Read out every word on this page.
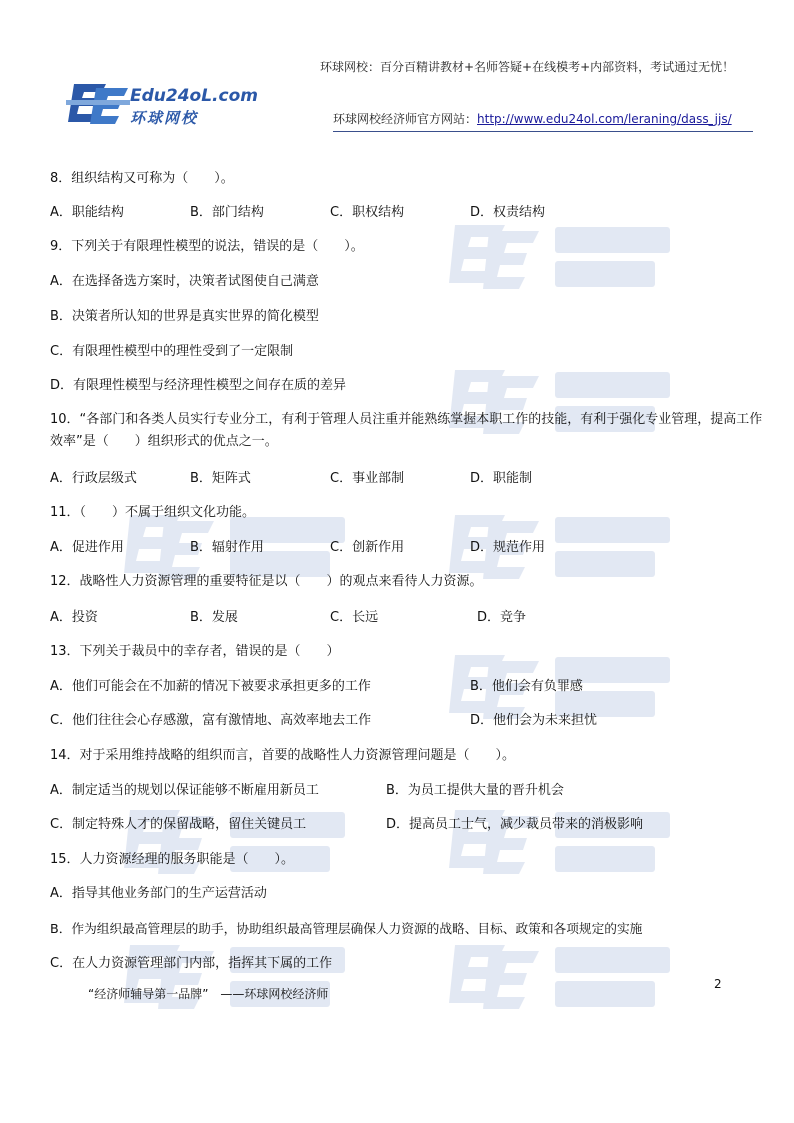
Edu24oL.com
环球网校
环球网校：百分百精讲教材+名师答疑+在线模考+内部资料，考试通过无忧！
环球网校经济师官方网站：http://www.edu24ol.com/leraning/dass_jjs/
8．组织结构又可称为（　　）。
A．职能结构	B．部门结构	C．职权结构	D．权责结构
9．下列关于有限理性模型的说法，错误的是（　　）。
A．在选择备选方案时，决策者试图使自己满意
B．决策者所认知的世界是真实世界的简化模型
C．有限理性模型中的理性受到了一定限制
D．有限理性模型与经济理性模型之间存在质的差异
10．“各部门和各类人员实行专业分工，有利于管理人员注重并能熟练掌握本职工作的技能，有利于强化专业管理，提高工作效率”是（　　）组织形式的优点之一。
A．行政层级式	B．矩阵式	C．事业部制	D．职能制
11．（　　）不属于组织文化功能。
A．促进作用	B．辐射作用	C．创新作用	D．规范作用
12．战略性人力资源管理的重要特征是以（　　）的观点来看待人力资源。
A．投资	B．发展	C．长远	D．竞争
13．下列关于裁员中的幸存者，错误的是（　　）
A．他们可能会在不加薪的情况下被要求承担更多的工作	B．他们会有负罪感
C．他们往往会心存感激，富有激情地、高效率地去工作	D．他们会为未来担忧
14．对于采用维持战略的组织而言，首要的战略性人力资源管理问题是（　　）。
A．制定适当的规划以保证能够不断雇用新员工	B．为员工提供大量的晋升机会
C．制定特殊人才的保留战略，留住关键员工	D．提高员工士气，减少裁员带来的消极影响
15．人力资源经理的服务职能是（　　）。
A．指导其他业务部门的生产运营活动
B．作为组织最高管理层的助手，协助组织最高管理层确保人力资源的战略、目标、政策和各项规定的实施
C．在人力资源管理部门内部，指挥其下属的工作
“经济师辅导第一品牌”　——环球网校经济师
2
